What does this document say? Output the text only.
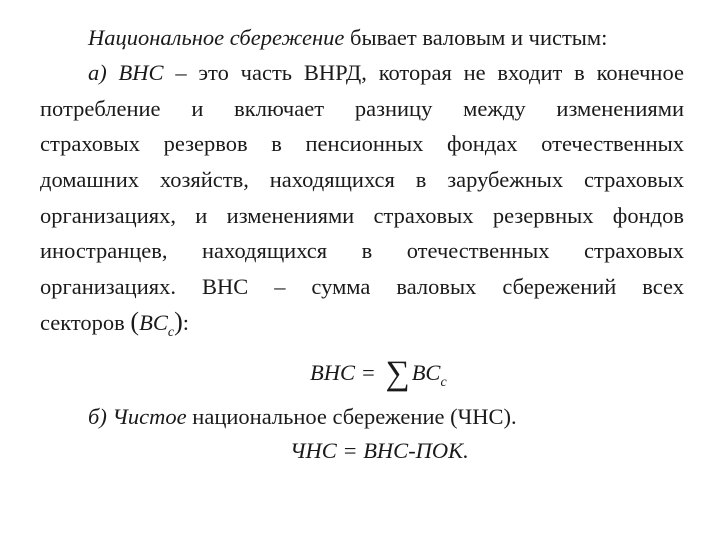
Национальное сбережение бывает валовым и чистым:
а) ВНС – это часть ВНРД, которая не входит в конечное
потребление и включает разницу между изменениями
страховых резервов в пенсионных фондах отечественных
домашних хозяйств, находящихся в зарубежных страховых
организациях, и изменениями страховых резервных фондов
иностранцев, находящихся в отечественных страховых
организациях. ВНС – сумма валовых сбережений всех
секторов $(BC_c)$:
ВНС = $\sum BC_c$
б) Чистое национальное сбережение (ЧНС).
ЧНС = ВНС-ПОК.
